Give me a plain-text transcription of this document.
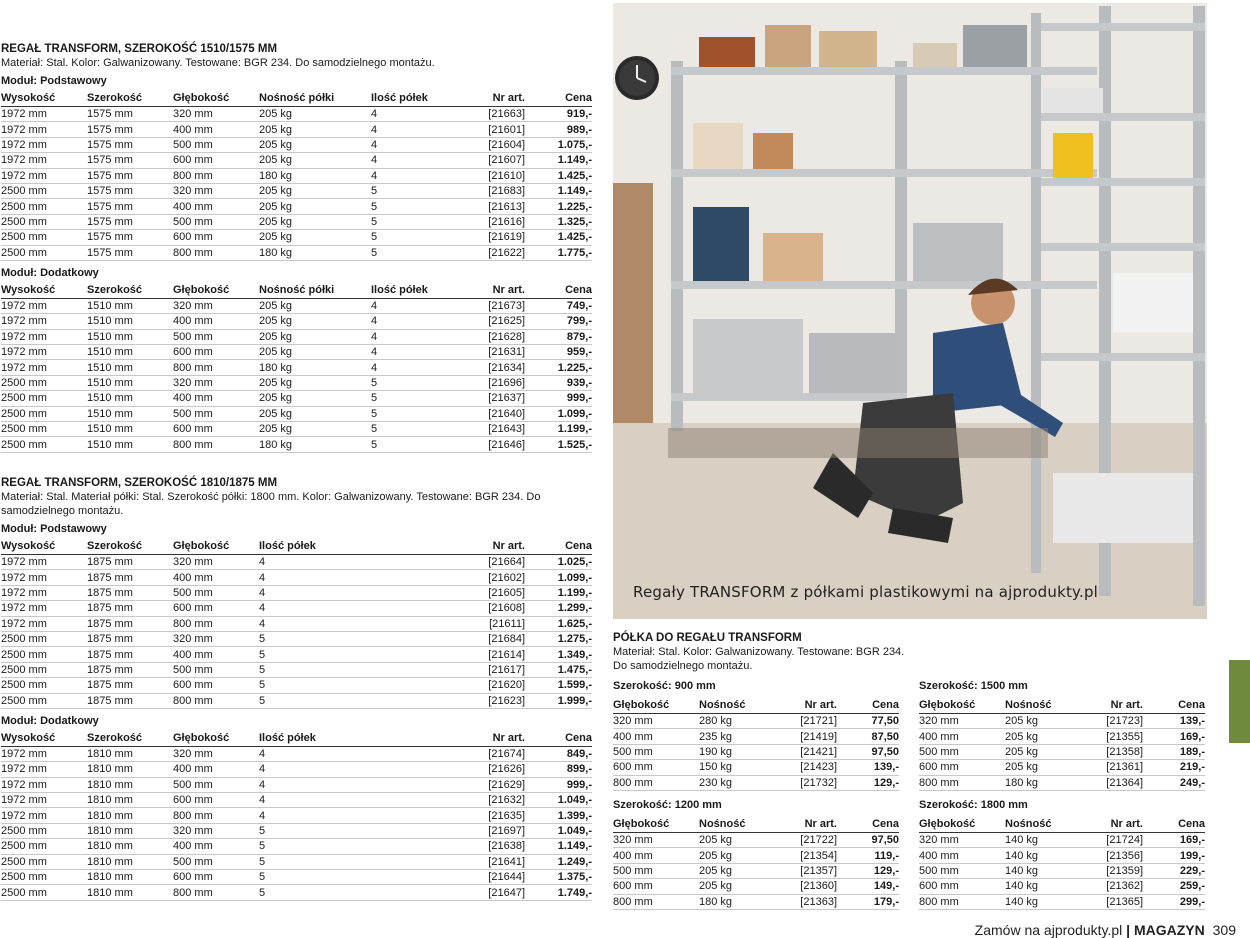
REGAŁ TRANSFORM, SZEROKOŚĆ 1510/1575 MM

Materiał: Stal. Kolor: Galwanizowany. Testowane: BGR 234. Do samodzielnego montażu.

Moduł: Podstawowy

Wysokość	Szerokość	Głębokość	Nośność półki	Ilość półek	Nr art.	Cena
1972 mm	1575 mm	320 mm	205 kg	4	[21663]	919,-
1972 mm	1575 mm	400 mm	205 kg	4	[21601]	989,-
1972 mm	1575 mm	500 mm	205 kg	4	[21604]	1.075,-
1972 mm	1575 mm	600 mm	205 kg	4	[21607]	1.149,-
1972 mm	1575 mm	800 mm	180 kg	4	[21610]	1.425,-
2500 mm	1575 mm	320 mm	205 kg	5	[21683]	1.149,-
2500 mm	1575 mm	400 mm	205 kg	5	[21613]	1.225,-
2500 mm	1575 mm	500 mm	205 kg	5	[21616]	1.325,-
2500 mm	1575 mm	600 mm	205 kg	5	[21619]	1.425,-
2500 mm	1575 mm	800 mm	180 kg	5	[21622]	1.775,-

Moduł: Dodatkowy

Wysokość	Szerokość	Głębokość	Nośność półki	Ilość półek	Nr art.	Cena
1972 mm	1510 mm	320 mm	205 kg	4	[21673]	749,-
1972 mm	1510 mm	400 mm	205 kg	4	[21625]	799,-
1972 mm	1510 mm	500 mm	205 kg	4	[21628]	879,-
1972 mm	1510 mm	600 mm	205 kg	4	[21631]	959,-
1972 mm	1510 mm	800 mm	180 kg	4	[21634]	1.225,-
2500 mm	1510 mm	320 mm	205 kg	5	[21696]	939,-
2500 mm	1510 mm	400 mm	205 kg	5	[21637]	999,-
2500 mm	1510 mm	500 mm	205 kg	5	[21640]	1.099,-
2500 mm	1510 mm	600 mm	205 kg	5	[21643]	1.199,-
2500 mm	1510 mm	800 mm	180 kg	5	[21646]	1.525,-

REGAŁ TRANSFORM, SZEROKOŚĆ 1810/1875 MM

Materiał: Stal. Materiał półki: Stal. Szerokość półki: 1800 mm. Kolor: Galwanizowany. Testowane: BGR 234. Do samodzielnego montażu.

Moduł: Podstawowy

Wysokość	Szerokość	Głębokość	Ilość półek	Nr art.	Cena
1972 mm	1875 mm	320 mm	4	[21664]	1.025,-
1972 mm	1875 mm	400 mm	4	[21602]	1.099,-
1972 mm	1875 mm	500 mm	4	[21605]	1.199,-
1972 mm	1875 mm	600 mm	4	[21608]	1.299,-
1972 mm	1875 mm	800 mm	4	[21611]	1.625,-
2500 mm	1875 mm	320 mm	5	[21684]	1.275,-
2500 mm	1875 mm	400 mm	5	[21614]	1.349,-
2500 mm	1875 mm	500 mm	5	[21617]	1.475,-
2500 mm	1875 mm	600 mm	5	[21620]	1.599,-
2500 mm	1875 mm	800 mm	5	[21623]	1.999,-

Moduł: Dodatkowy

Wysokość	Szerokość	Głębokość	Ilość półek	Nr art.	Cena
1972 mm	1810 mm	320 mm	4	[21674]	849,-
1972 mm	1810 mm	400 mm	4	[21626]	899,-
1972 mm	1810 mm	500 mm	4	[21629]	999,-
1972 mm	1810 mm	600 mm	4	[21632]	1.049,-
1972 mm	1810 mm	800 mm	4	[21635]	1.399,-
2500 mm	1810 mm	320 mm	5	[21697]	1.049,-
2500 mm	1810 mm	400 mm	5	[21638]	1.149,-
2500 mm	1810 mm	500 mm	5	[21641]	1.249,-
2500 mm	1810 mm	600 mm	5	[21644]	1.375,-
2500 mm	1810 mm	800 mm	5	[21647]	1.749,-
Regały TRANSFORM z półkami plastikowymi na ajprodukty.pl

PÓŁKA DO REGAŁU TRANSFORM

Materiał: Stal. Kolor: Galwanizowany. Testowane: BGR 234. Do samodzielnego montażu.

Szerokość: 900 mm

Głębokość	Nośność	Nr art.	Cena
320 mm	280 kg	[21721]	77,50
400 mm	235 kg	[21419]	87,50
500 mm	190 kg	[21421]	97,50
600 mm	150 kg	[21423]	139,-
800 mm	230 kg	[21732]	129,-

Szerokość: 1500 mm

Głębokość	Nośność	Nr art.	Cena
320 mm	205 kg	[21723]	139,-
400 mm	205 kg	[21355]	169,-
500 mm	205 kg	[21358]	189,-
600 mm	205 kg	[21361]	219,-
800 mm	180 kg	[21364]	249,-

Szerokość: 1200 mm

Głębokość	Nośność	Nr art.	Cena
320 mm	205 kg	[21722]	97,50
400 mm	205 kg	[21354]	119,-
500 mm	205 kg	[21357]	129,-
600 mm	205 kg	[21360]	149,-
800 mm	180 kg	[21363]	179,-

Szerokość: 1800 mm

Głębokość	Nośność	Nr art.	Cena
320 mm	140 kg	[21724]	169,-
400 mm	140 kg	[21356]	199,-
500 mm	140 kg	[21359]	229,-
600 mm	140 kg	[21362]	259,-
800 mm	140 kg	[21365]	299,-
Zamów na ajprodukty.pl | MAGAZYN 309
